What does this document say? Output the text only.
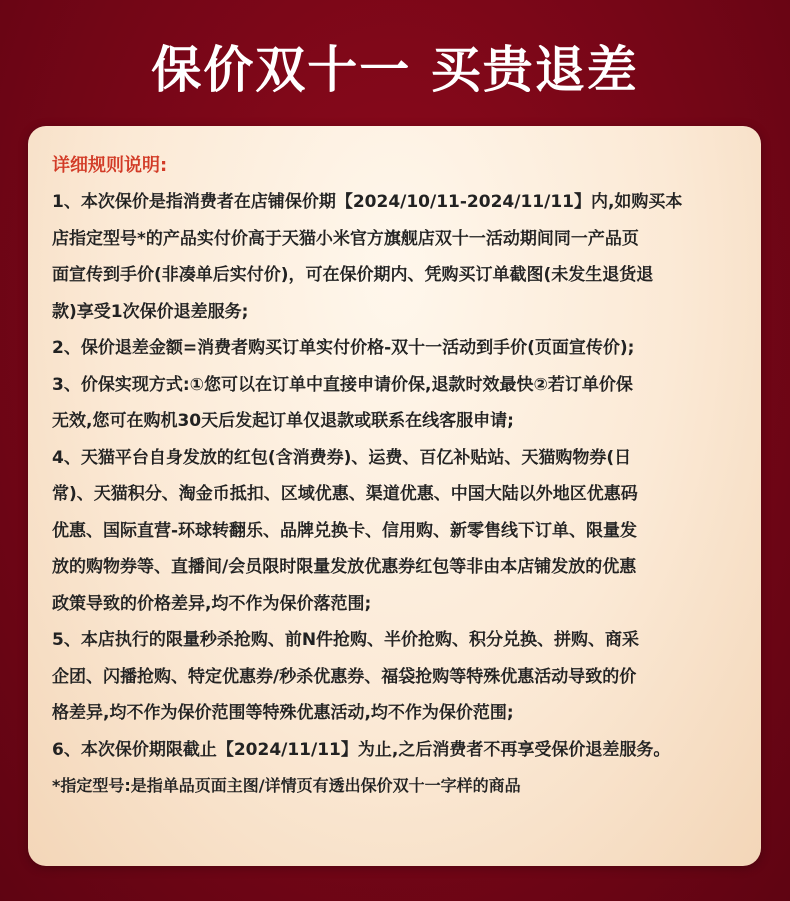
保价双十一 买贵退差
详细规则说明:
1、本次保价是指消费者在店铺保价期【2024/10/11-2024/11/11】内,如购买本
店指定型号*的产品实付价高于天猫小米官方旗舰店双十一活动期间同一产品页
面宣传到手价(非凑单后实付价)，可在保价期内、凭购买订单截图(未发生退货退
款)享受1次保价退差服务;
2、保价退差金额=消费者购买订单实付价格-双十一活动到手价(页面宣传价);
3、价保实现方式:①您可以在订单中直接申请价保,退款时效最快②若订单价保
无效,您可在购机30天后发起订单仅退款或联系在线客服申请;
4、天猫平台自身发放的红包(含消费券)、运费、百亿补贴站、天猫购物券(日
常)、天猫积分、淘金币抵扣、区域优惠、渠道优惠、中国大陆以外地区优惠码
优惠、国际直营-环球转翻乐、品牌兑换卡、信用购、新零售线下订单、限量发
放的购物券等、直播间/会员限时限量发放优惠券红包等非由本店铺发放的优惠
政策导致的价格差异,均不作为保价落范围;
5、本店执行的限量秒杀抢购、前N件抢购、半价抢购、积分兑换、拼购、商采
企团、闪播抢购、特定优惠券/秒杀优惠券、福袋抢购等特殊优惠活动导致的价
格差异,均不作为保价范围等特殊优惠活动,均不作为保价范围;
6、本次保价期限截止【2024/11/11】为止,之后消费者不再享受保价退差服务。
*指定型号:是指单品页面主图/详情页有透出保价双十一字样的商品
